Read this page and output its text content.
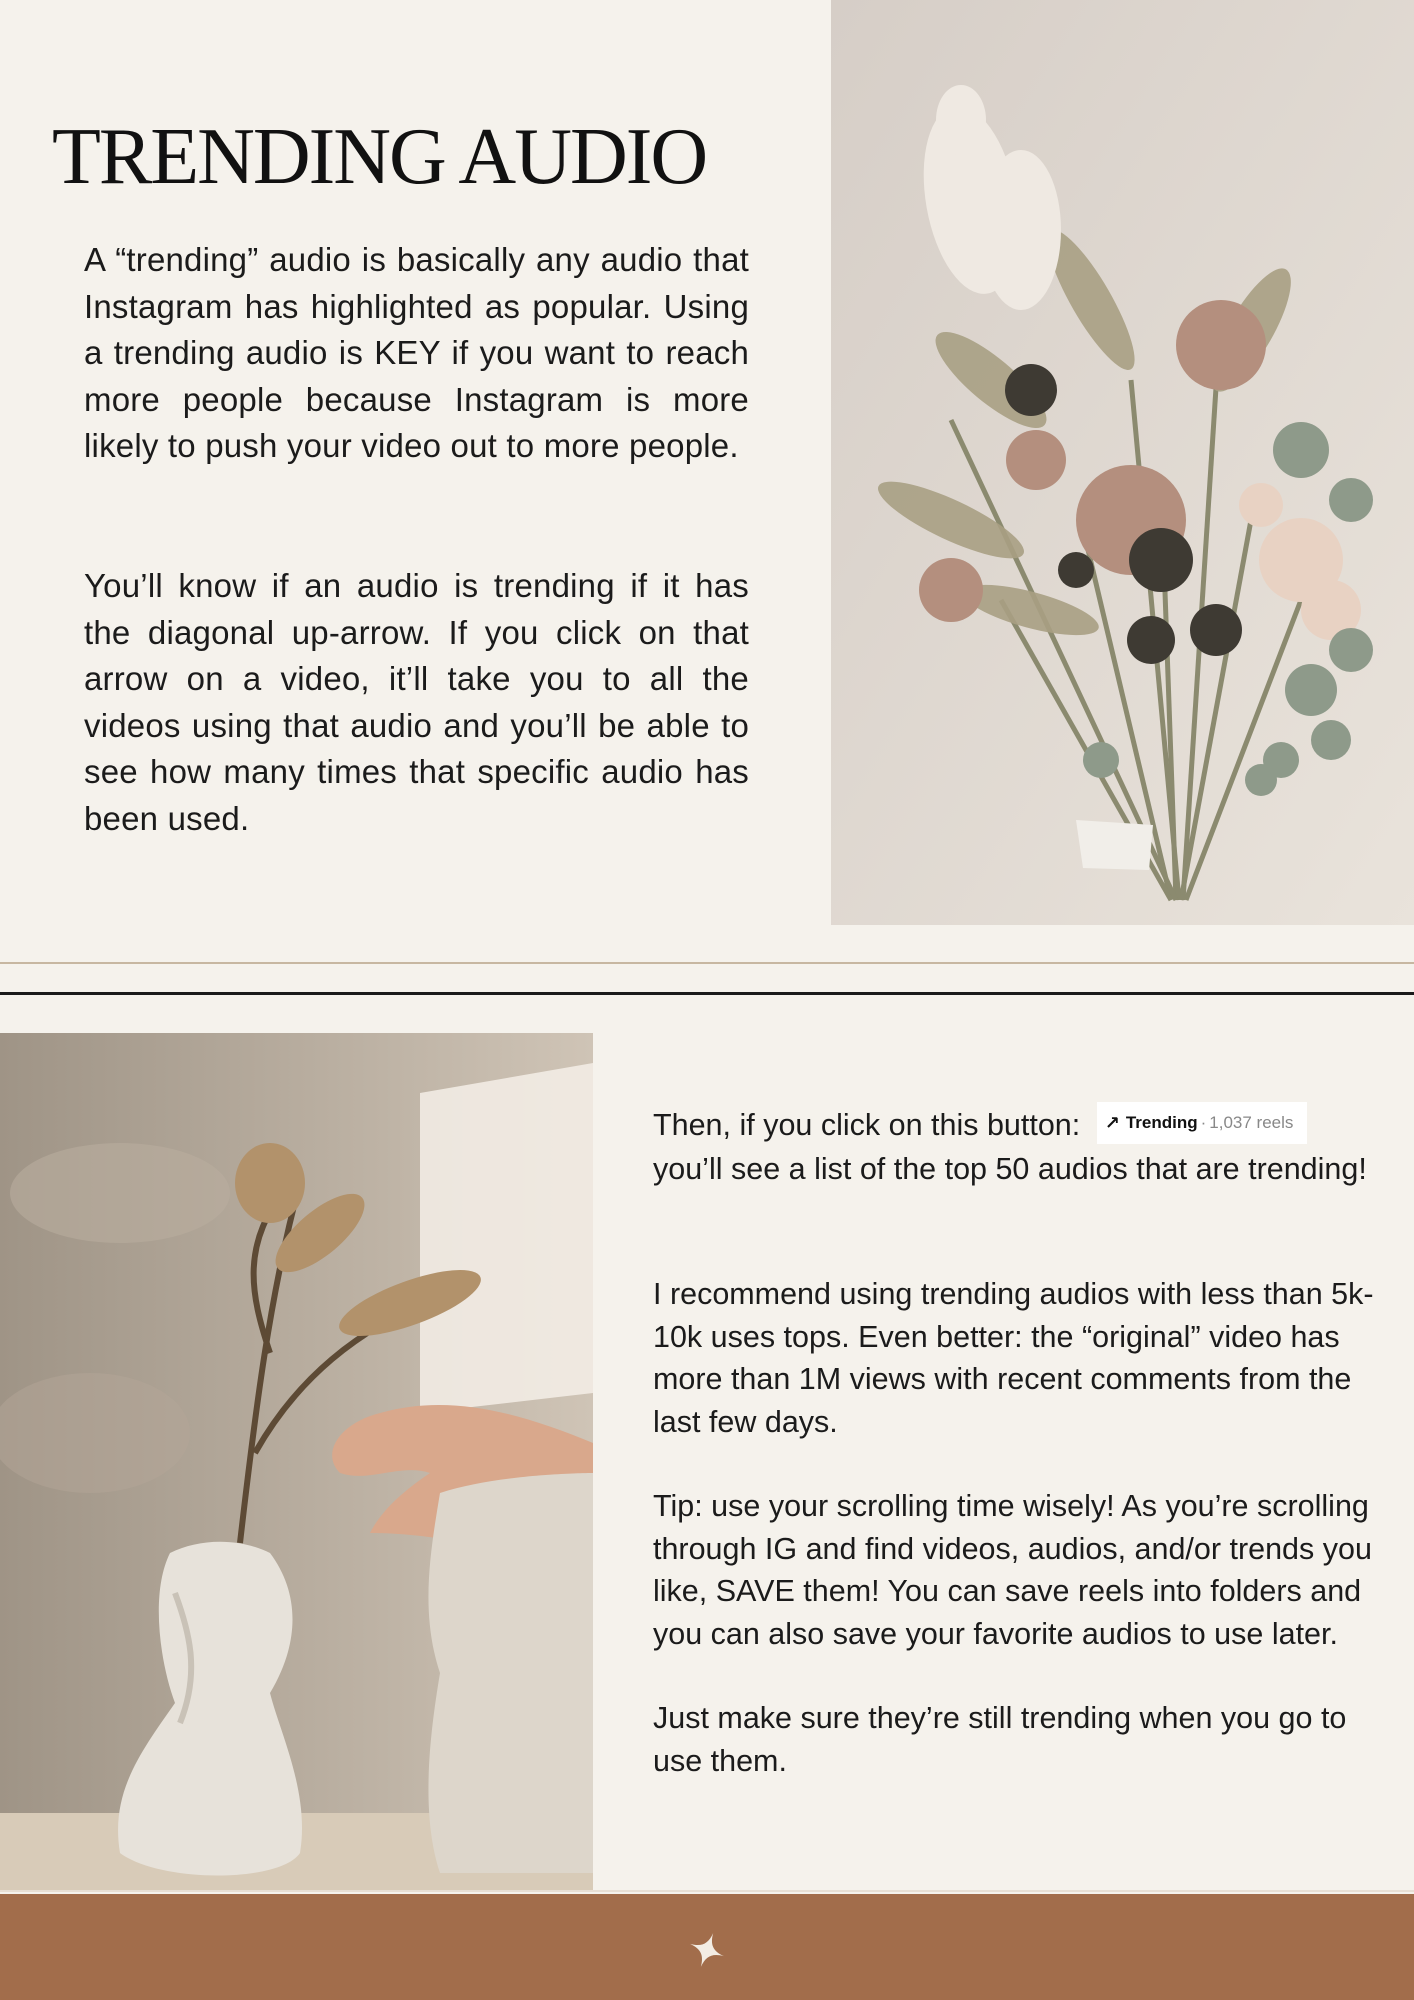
TRENDING AUDIO

A “trending” audio is basically any audio that Instagram has highlighted as popular. Using a trending audio is KEY if you want to reach more people because Instagram is more likely to push your video out to more people.

You’ll know if an audio is trending if it has the diagonal up-arrow. If you click on that arrow on a video, it’ll take you to all the videos using that audio and you’ll be able to see how many times that specific audio has been used.

Then, if you click on this button: ↗ Trending · 1,037 reels

you’ll see a list of the top 50 audios that are trending!

I recommend using trending audios with less than 5k- 10k uses tops. Even better: the “original” video has more than 1M views with recent comments from the last few days.

Tip: use your scrolling time wisely! As you’re scrolling through IG and find videos, audios, and/or trends you like, SAVE them! You can save reels into folders and you can also save your favorite audios to use later.

Just make sure they’re still trending when you go to use them.
